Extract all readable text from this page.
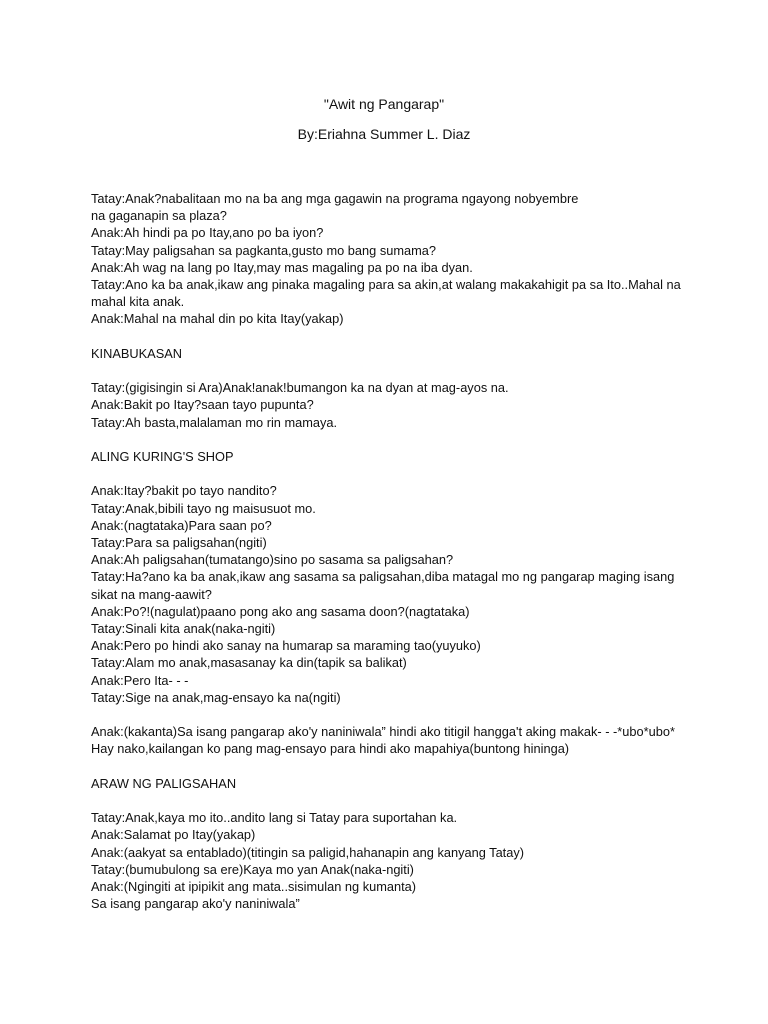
"Awit ng Pangarap"
By:Eriahna Summer L. Diaz
Tatay:Anak?nabalitaan mo na ba ang mga gagawin na programa ngayong nobyembre
na gaganapin sa plaza?
Anak:Ah hindi pa po Itay,ano po ba iyon?
Tatay:May paligsahan sa pagkanta,gusto mo bang sumama?
Anak:Ah wag na lang po Itay,may mas magaling pa po na iba dyan.
Tatay:Ano ka ba anak,ikaw ang pinaka magaling para sa akin,at walang makakahigit pa sa Ito..Mahal na
mahal kita anak.
Anak:Mahal na mahal din po kita Itay(yakap)
KINABUKASAN
Tatay:(gigisingin si Ara)Anak!anak!bumangon ka na dyan at mag-ayos na.
Anak:Bakit po Itay?saan tayo pupunta?
Tatay:Ah basta,malalaman mo rin mamaya.
ALING KURING'S SHOP
Anak:Itay?bakit po tayo nandito?
Tatay:Anak,bibili tayo ng maisusuot mo.
Anak:(nagtataka)Para saan po?
Tatay:Para sa paligsahan(ngiti)
Anak:Ah paligsahan(tumatango)sino po sasama sa paligsahan?
Tatay:Ha?ano ka ba anak,ikaw ang sasama sa paligsahan,diba matagal mo ng pangarap maging isang
sikat na mang-aawit?
Anak:Po?!(nagulat)paano pong ako ang sasama doon?(nagtataka)
Tatay:Sinali kita anak(naka-ngiti)
Anak:Pero po hindi ako sanay na humarap sa maraming tao(yuyuko)
Tatay:Alam mo anak,masasanay ka din(tapik sa balikat)
Anak:Pero Ita- - -
Tatay:Sige na anak,mag-ensayo ka na(ngiti)
Anak:(kakanta)Sa isang pangarap ako'y naniniwala” hindi ako titigil hangga't aking makak- - -*ubo*ubo*
Hay nako,kailangan ko pang mag-ensayo para hindi ako mapahiya(buntong hininga)
ARAW NG PALIGSAHAN
Tatay:Anak,kaya mo ito..andito lang si Tatay para suportahan ka.
Anak:Salamat po Itay(yakap)
Anak:(aakyat sa entablado)(titingin sa paligid,hahanapin ang kanyang Tatay)
Tatay:(bumubulong sa ere)Kaya mo yan Anak(naka-ngiti)
Anak:(Ngingiti at ipipikit ang mata..sisimulan ng kumanta)
Sa isang pangarap ako'y naniniwala”
